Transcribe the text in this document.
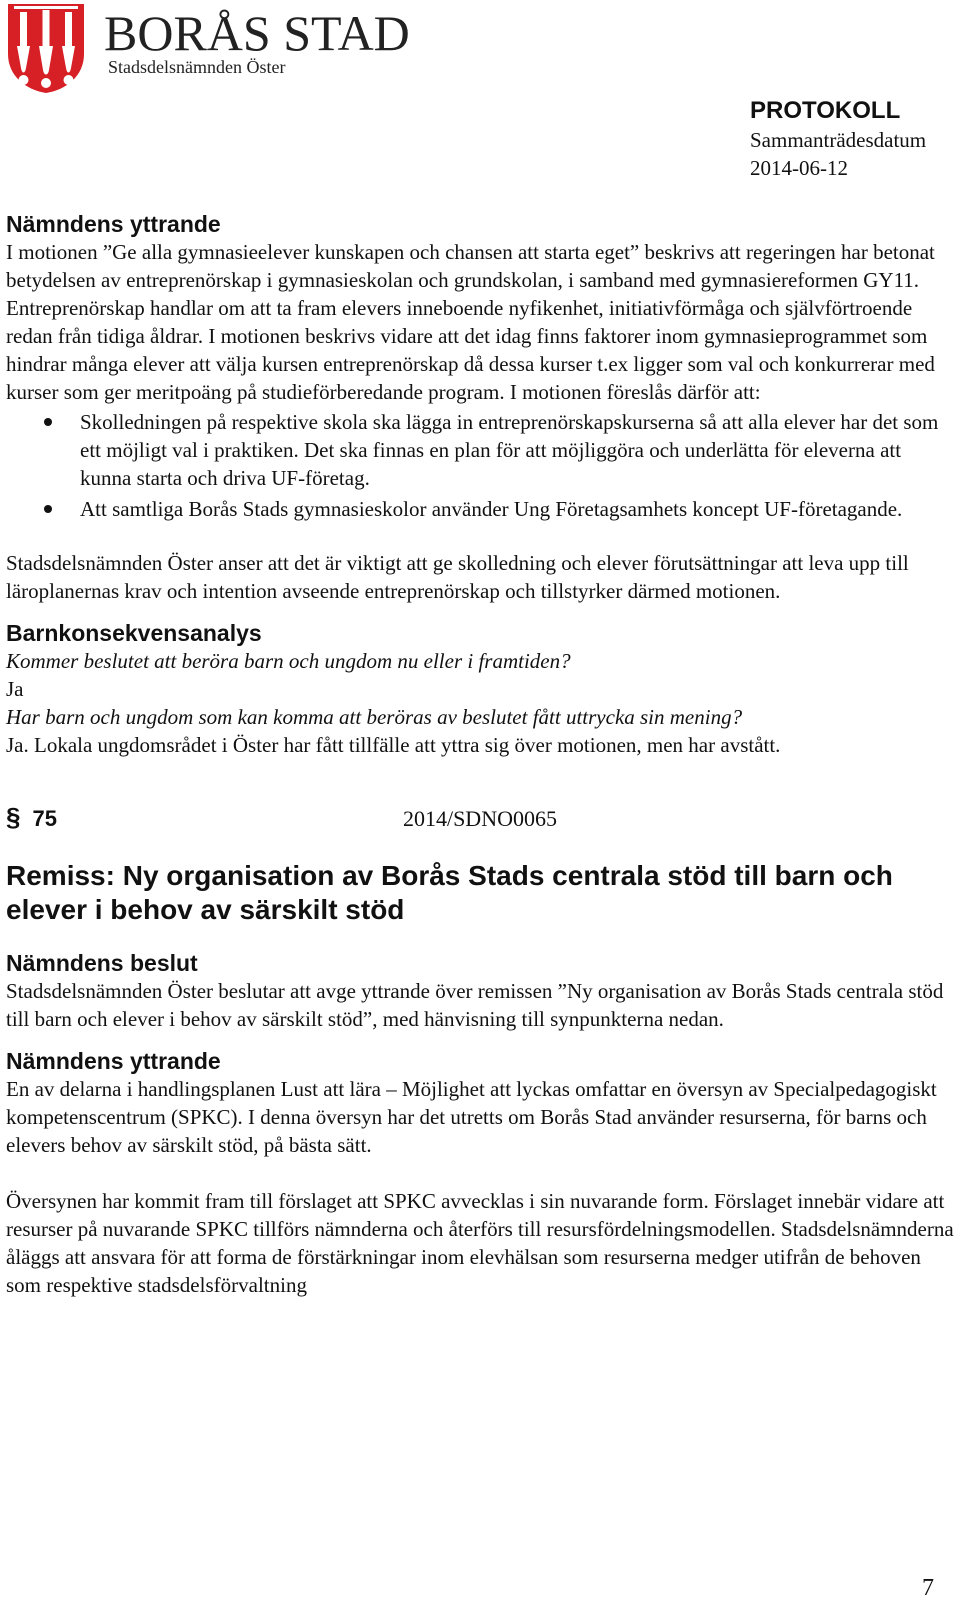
BORÅS STAD
Stadsdelsnämnden Öster
PROTOKOLL
Sammanträdesdatum
2014-06-12
Nämndens yttrande

I motionen ”Ge alla gymnasieelever kunskapen och chansen att starta eget” beskrivs att regeringen har betonat betydelsen av entreprenörskap i gymnasieskolan och grundskolan, i samband med gymnasiereformen GY11. Entreprenörskap handlar om att ta fram elevers inneboende nyfikenhet, initiativförmåga och självförtroende redan från tidiga åldrar. I motionen beskrivs vidare att det idag finns faktorer inom gymnasieprogrammet som hindrar många elever att välja kursen entreprenörskap då dessa kurser t.ex ligger som val och konkurrerar med kurser som ger meritpoäng på studieförberedande program. I motionen föreslås därför att:

Skolledningen på respektive skola ska lägga in entreprenörskapskurserna så att alla elever har det som ett möjligt val i praktiken. Det ska finnas en plan för att möjliggöra och underlätta för eleverna att kunna starta och driva UF-företag.
Att samtliga Borås Stads gymnasieskolor använder Ung Företagsamhets koncept UF-företagande.

Stadsdelsnämnden Öster anser att det är viktigt att ge skolledning och elever förutsättningar att leva upp till läroplanernas krav och intention avseende entreprenörskap och tillstyrker därmed motionen.

Barnkonsekvensanalys

Kommer beslutet att beröra barn och ungdom nu eller i framtiden?

Ja

Har barn och ungdom som kan komma att beröras av beslutet fått uttrycka sin mening?

Ja. Lokala ungdomsrådet i Öster har fått tillfälle att yttra sig över motionen, men har avstått.

§ 75	2014/SDNO0065
Remiss: Ny organisation av Borås Stads centrala stöd till barn och elever i behov av särskilt stöd
Nämndens beslut

Stadsdelsnämnden Öster beslutar att avge yttrande över remissen ”Ny organisation av Borås Stads centrala stöd till barn och elever i behov av särskilt stöd”, med hänvisning till synpunkterna nedan.

Nämndens yttrande

En av delarna i handlingsplanen Lust att lära – Möjlighet att lyckas omfattar en översyn av Specialpedagogiskt kompetenscentrum (SPKC). I denna översyn har det utretts om Borås Stad använder resurserna, för barns och elevers behov av särskilt stöd, på bästa sätt.

Översynen har kommit fram till förslaget att SPKC avvecklas i sin nuvarande form. Förslaget innebär vidare att resurser på nuvarande SPKC tillförs nämnderna och återförs till resursfördelningsmodellen. Stadsdelsnämnderna åläggs att ansvara för att forma de förstärkningar inom elevhälsan som resurserna medger utifrån de behoven som respektive stadsdelsförvaltning

7
